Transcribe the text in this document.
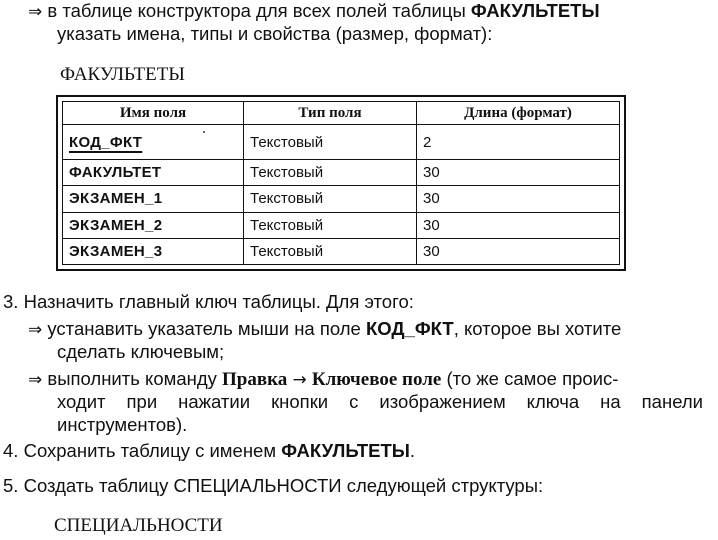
⇒ в таблице конструктора для всех полей таблицы ФАКУЛЬТЕТЫ
указать имена, типы и свойства (размер, формат):
ФАКУЛЬТЕТЫ
Имя поля	Тип поля	Длина (формат)
КОД_ФКТ	Текстовый	2
ФАКУЛЬТЕТ	Текстовый	30
ЭКЗАМЕН_1	Текстовый	30
ЭКЗАМЕН_2	Текстовый	30
ЭКЗАМЕН_3	Текстовый	30
3. Назначить главный ключ таблицы. Для этого:
⇒ устанавить указатель мыши на поле КОД_ФКТ, которое вы хотите
сделать ключевым;
⇒ выполнить команду Правка → Ключевое поле (то же самое проис-
ходит при нажатии кнопки с изображением ключа на панели
инструментов).
4. Сохранить таблицу с именем ФАКУЛЬТЕТЫ.
5. Создать таблицу СПЕЦИАЛЬНОСТИ следующей структуры:
СПЕЦИАЛЬНОСТИ
